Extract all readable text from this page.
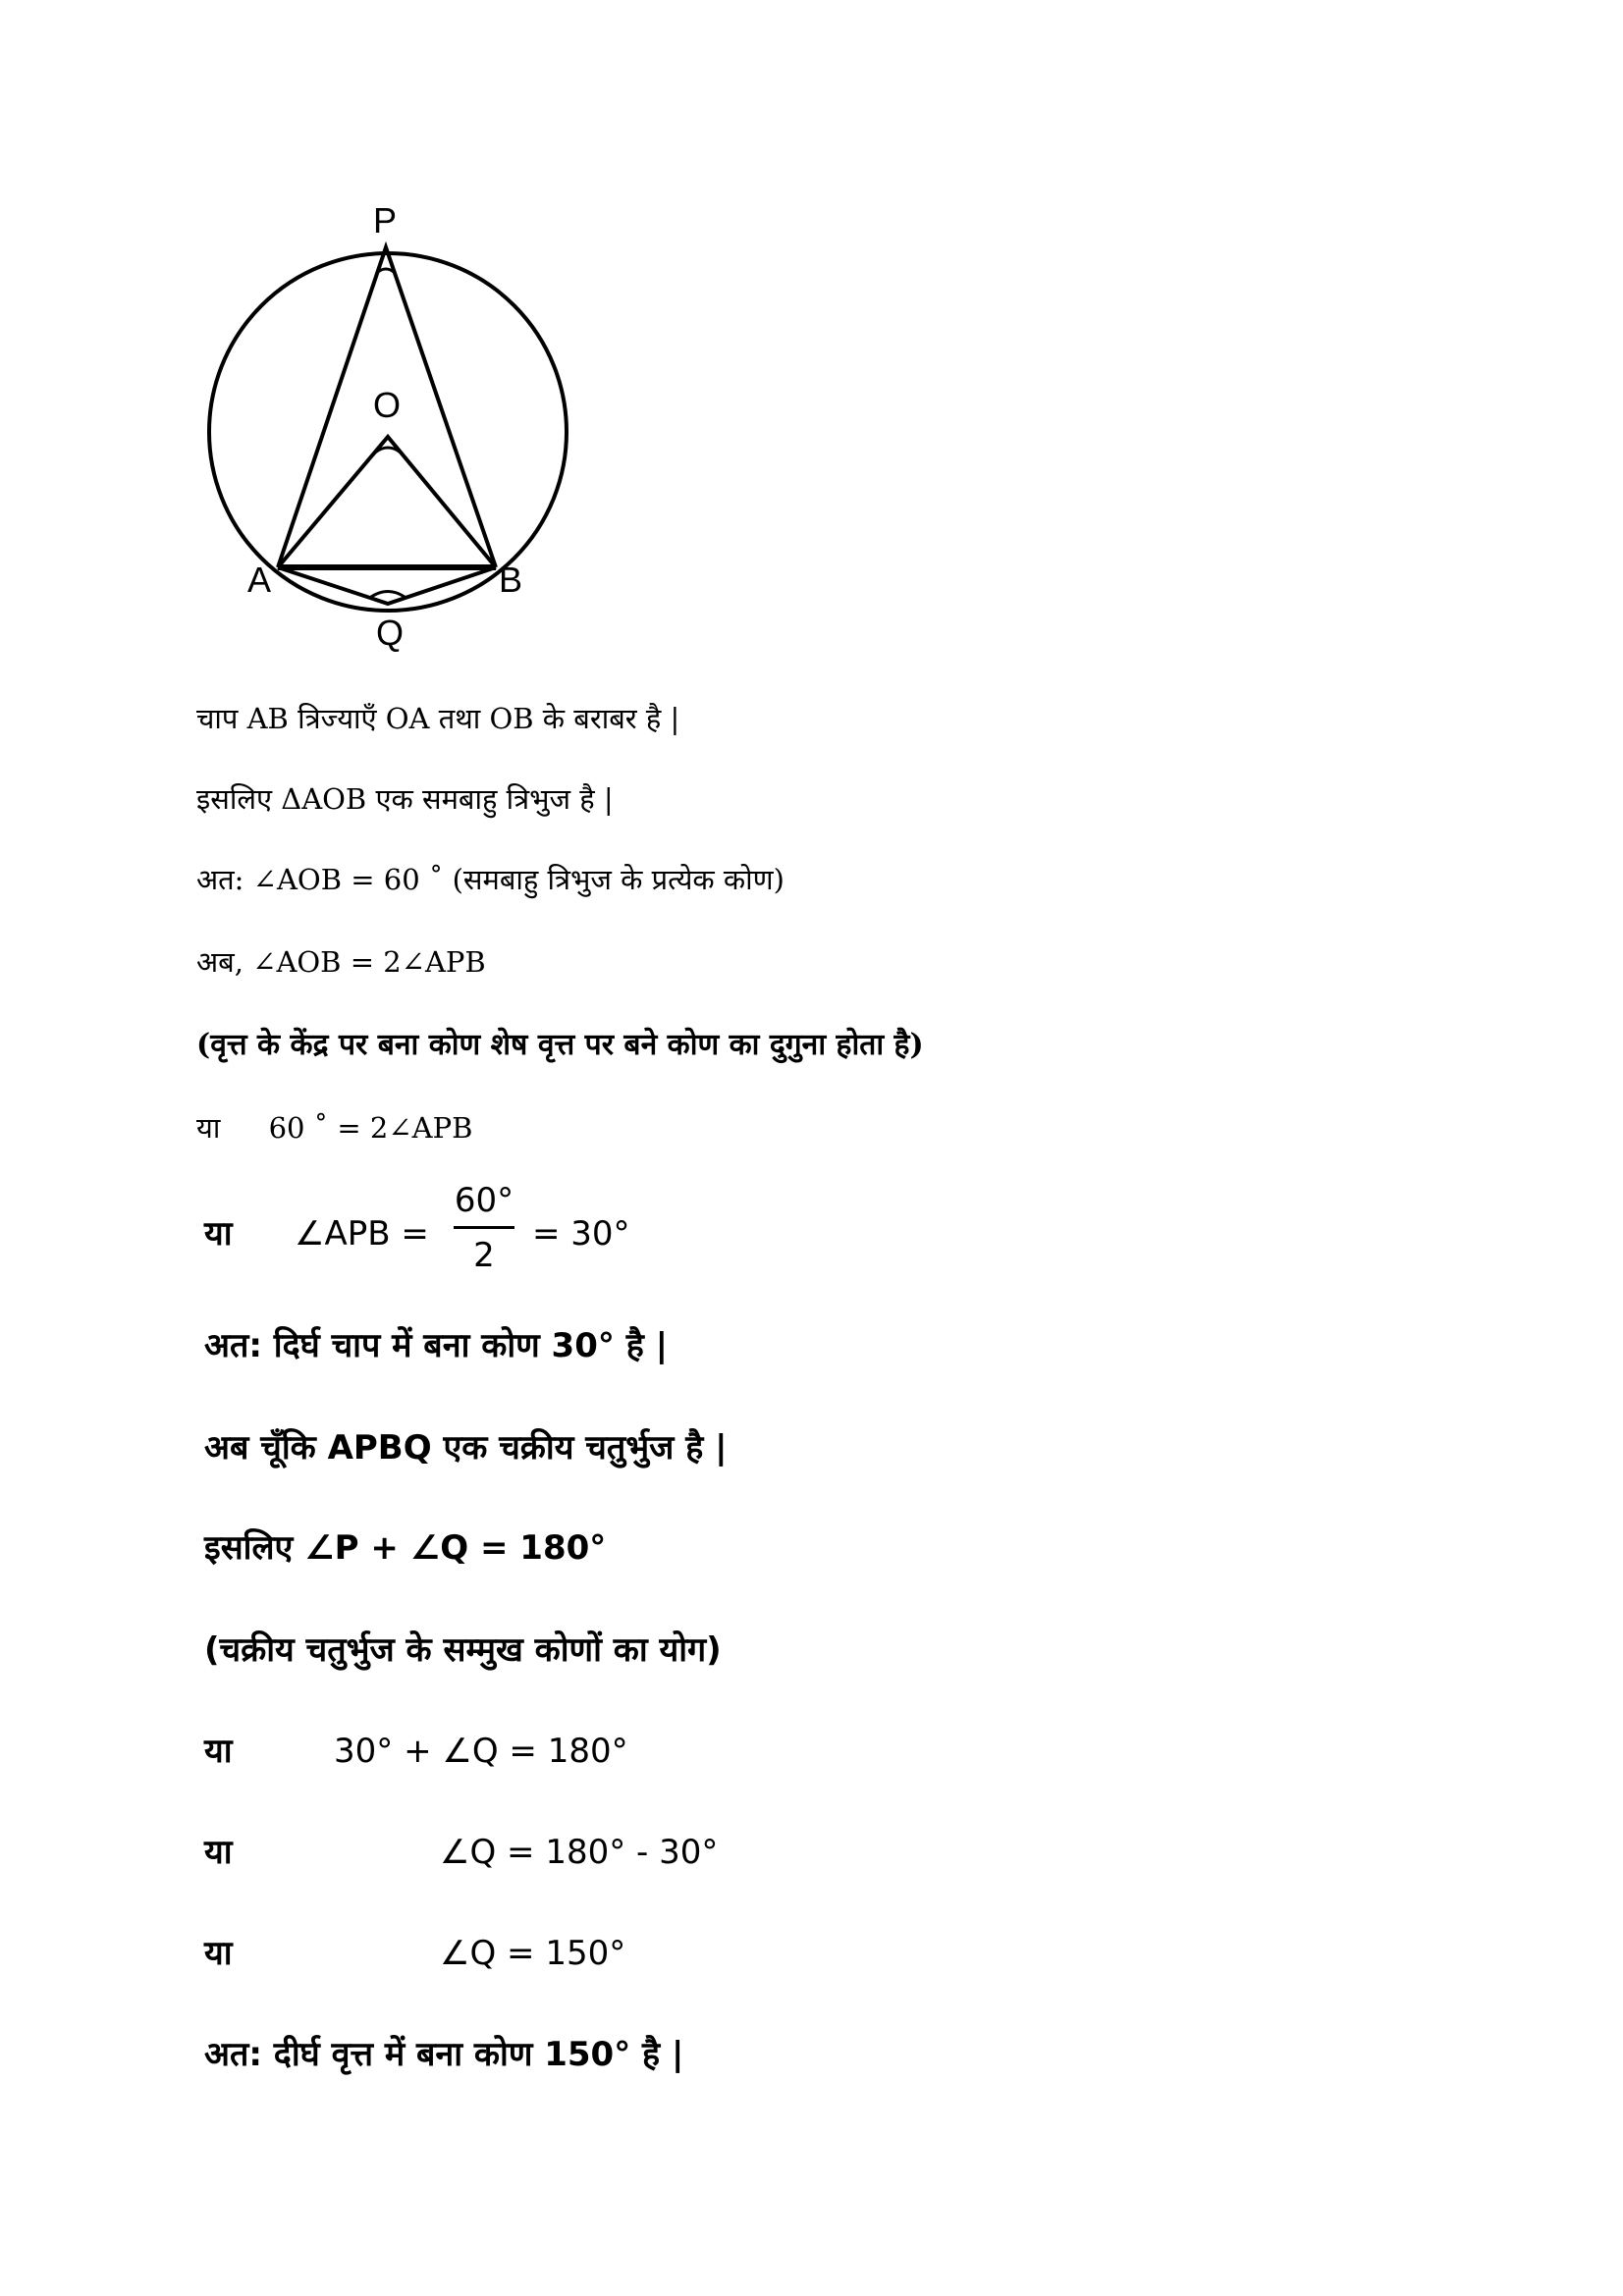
P
O
A	B
Q
चाप AB त्रिज्याएँ OA तथा OB के बराबर है |
इसलिए ΔAOB एक समबाहु त्रिभुज है |
अत: ∠AOB = 60 ˚ (समबाहु त्रिभुज के प्रत्येक कोण)
अब, ∠AOB = 2∠APB
(वृत्त के केंद्र पर बना कोण शेष वृत्त पर बने कोण का दुगुना होता है)
या 60 ˚ = 2∠APB
या ∠APB =
60°
2
= 30°
अत: दिर्घ चाप में बना कोण 30° है |
अब चूँकि APBQ एक चक्रीय चतुर्भुज है |
इसलिए ∠P + ∠Q = 180°
(चक्रीय चतुर्भुज के सम्मुख कोणों का योग)
या	30° + ∠Q = 180°
या	∠Q = 180° - 30°
या	∠Q = 150°
अत: दीर्घ वृत्त में बना कोण 150° है |
